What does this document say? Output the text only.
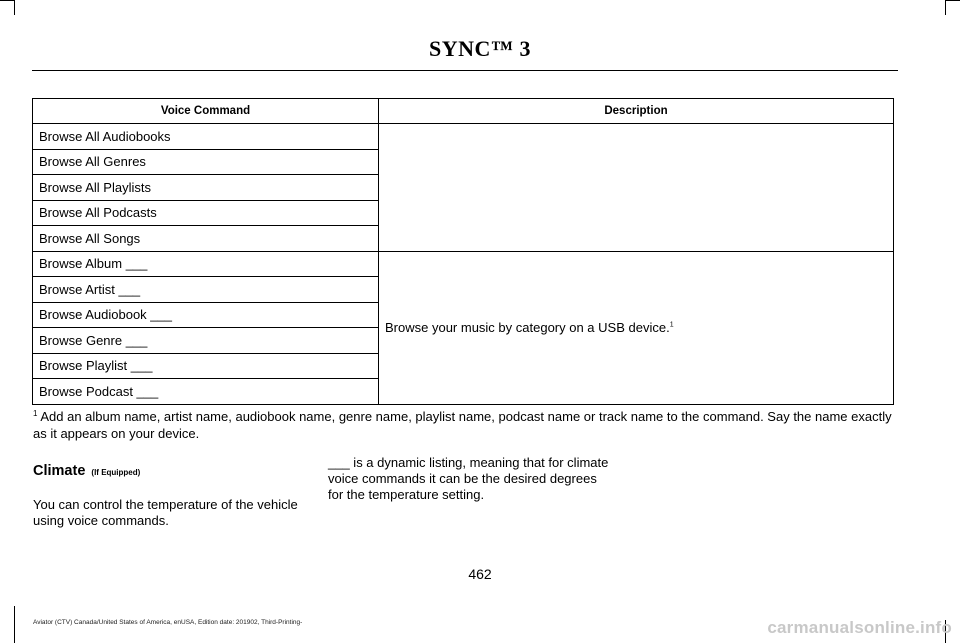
SYNC™ 3
Voice Command	Description
Browse All Audiobooks	
Browse All Genres	
Browse All Playlists	
Browse All Podcasts	
Browse All Songs	
Browse Album ___	Browse your music by category on a USB device.$^1$
Browse Artist ___	
Browse Audiobook ___	
Browse Genre ___	
Browse Playlist ___	
Browse Podcast ___	
$^1$ Add an album name, artist name, audiobook name, genre name, playlist name, podcast name or track name to the command. Say the name exactly as it appears on your device.
Climate (If Equipped)
You can control the temperature of the vehicle using voice commands.
___ is a dynamic listing, meaning that for climate voice commands it can be the desired degrees for the temperature setting.
462
Aviator (CTV) Canada/United States of America, enUSA, Edition date: 201902, Third-Printing-	carmanualsonline.info
